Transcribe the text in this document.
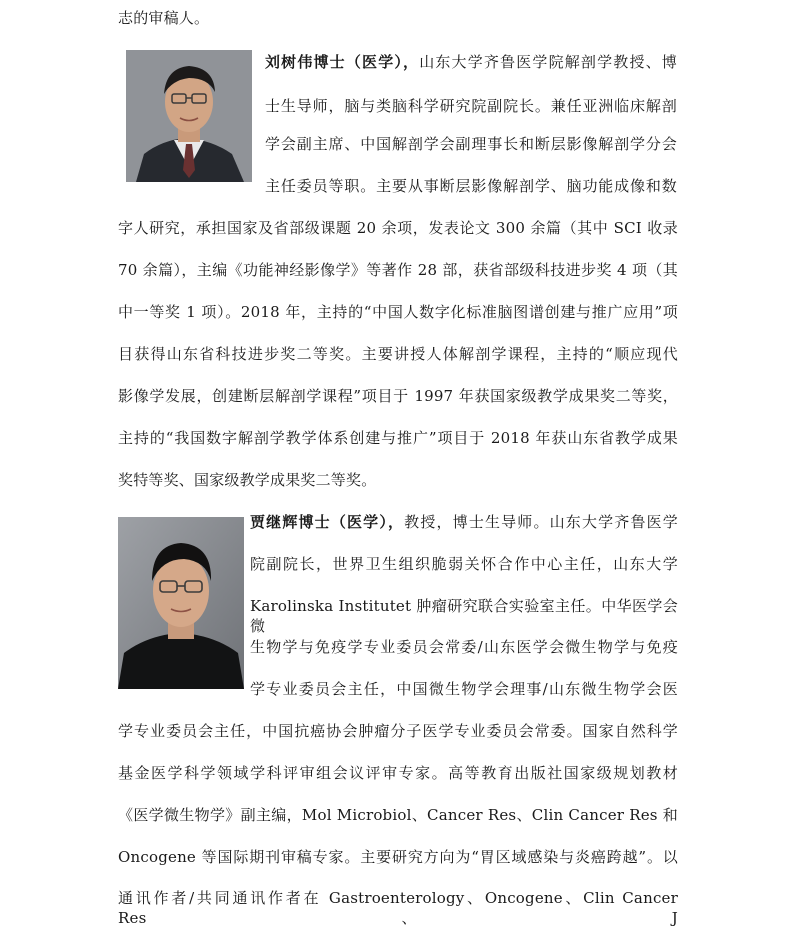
志的审稿人。
刘树伟博士（医学），山东大学齐鲁医学院解剖学教授、博
士生导师，脑与类脑科学研究院副院长。兼任亚洲临床解剖
学会副主席、中国解剖学会副理事长和断层影像解剖学分会
主任委员等职。主要从事断层影像解剖学、脑功能成像和数
字人研究，承担国家及省部级课题 20 余项，发表论文 300 余篇（其中 SCI 收录
70 余篇），主编《功能神经影像学》等著作 28 部，获省部级科技进步奖 4 项（其
中一等奖 1 项）。2018 年，主持的“中国人数字化标准脑图谱创建与推广应用”项
目获得山东省科技进步奖二等奖。主要讲授人体解剖学课程，主持的“顺应现代
影像学发展，创建断层解剖学课程”项目于 1997 年获国家级教学成果奖二等奖，
主持的“我国数字解剖学教学体系创建与推广”项目于 2018 年获山东省教学成果
奖特等奖、国家级教学成果奖二等奖。
贾继辉博士（医学），教授，博士生导师。山东大学齐鲁医学
院副院长，世界卫生组织脆弱关怀合作中心主任，山东大学
Karolinska Institutet 肿瘤研究联合实验室主任。中华医学会微
生物学与免疫学专业委员会常委/山东医学会微生物学与免疫
学专业委员会主任，中国微生物学会理事/山东微生物学会医
学专业委员会主任，中国抗癌协会肿瘤分子医学专业委员会常委。国家自然科学
基金医学科学领域学科评审组会议评审专家。高等教育出版社国家级规划教材
《医学微生物学》副主编，Mol Microbiol、Cancer Res、Clin Cancer Res 和
Oncogene 等国际期刊审稿专家。主要研究方向为“胃区域感染与炎癌跨越”。以
通讯作者/共同通讯作者在 Gastroenterology、Oncogene、Clin Cancer Res、J
